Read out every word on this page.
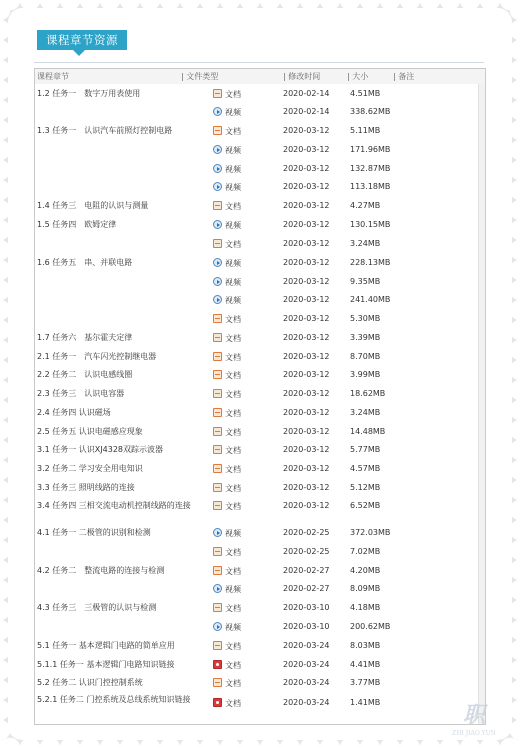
课程章节资源
课程章节	| 文件类型	| 修改时间	| 大小	| 备注
1.2 任务一　数字万用表使用	文档	2020-02-14	4.51MB
视频	2020-02-14	338.62MB
1.3 任务一　认识汽车前照灯控制电路	文档	2020-03-12	5.11MB
视频	2020-03-12	171.96MB
视频	2020-03-12	132.87MB
视频	2020-03-12	113.18MB
1.4 任务三　电阻的认识与测量	文档	2020-03-12	4.27MB
1.5 任务四　欧姆定律	视频	2020-03-12	130.15MB
文档	2020-03-12	3.24MB
1.6 任务五　串、并联电路	视频	2020-03-12	228.13MB
视频	2020-03-12	9.35MB
视频	2020-03-12	241.40MB
文档	2020-03-12	5.30MB
1.7 任务六　基尔霍夫定律	文档	2020-03-12	3.39MB
2.1 任务一　汽车闪光控制继电器	文档	2020-03-12	8.70MB
2.2 任务二　认识电感线圈	文档	2020-03-12	3.99MB
2.3 任务三　认识电容器	文档	2020-03-12	18.62MB
2.4 任务四 认识磁场	文档	2020-03-12	3.24MB
2.5 任务五 认识电磁感应现象	文档	2020-03-12	14.48MB
3.1 任务一 认识XJ4328双踪示波器	文档	2020-03-12	5.77MB
3.2 任务二 学习安全用电知识	文档	2020-03-12	4.57MB
3.3 任务三 照明线路的连接	文档	2020-03-12	5.12MB
3.4 任务四 三相交流电动机控制线路的连接	文档	2020-03-12	6.52MB
4.1 任务一 二极管的识别和检测	视频	2020-02-25	372.03MB
文档	2020-02-25	7.02MB
4.2 任务二　整流电路的连接与检测	文档	2020-02-27	4.20MB
视频	2020-02-27	8.09MB
4.3 任务三　三极管的认识与检测	文档	2020-03-10	4.18MB
视频	2020-03-10	200.62MB
5.1 任务一 基本逻辑门电路的简单应用	文档	2020-03-24	8.03MB
5.1.1 任务一 基本逻辑门电路知识链接	文档	2020-03-24	4.41MB
5.2 任务二 认识门控控制系统	文档	2020-03-24	3.77MB
5.2.1 任务二 门控系统及总线系统知识链接	文档	2020-03-24	1.41MB	职
ZHI JIAO YUN
